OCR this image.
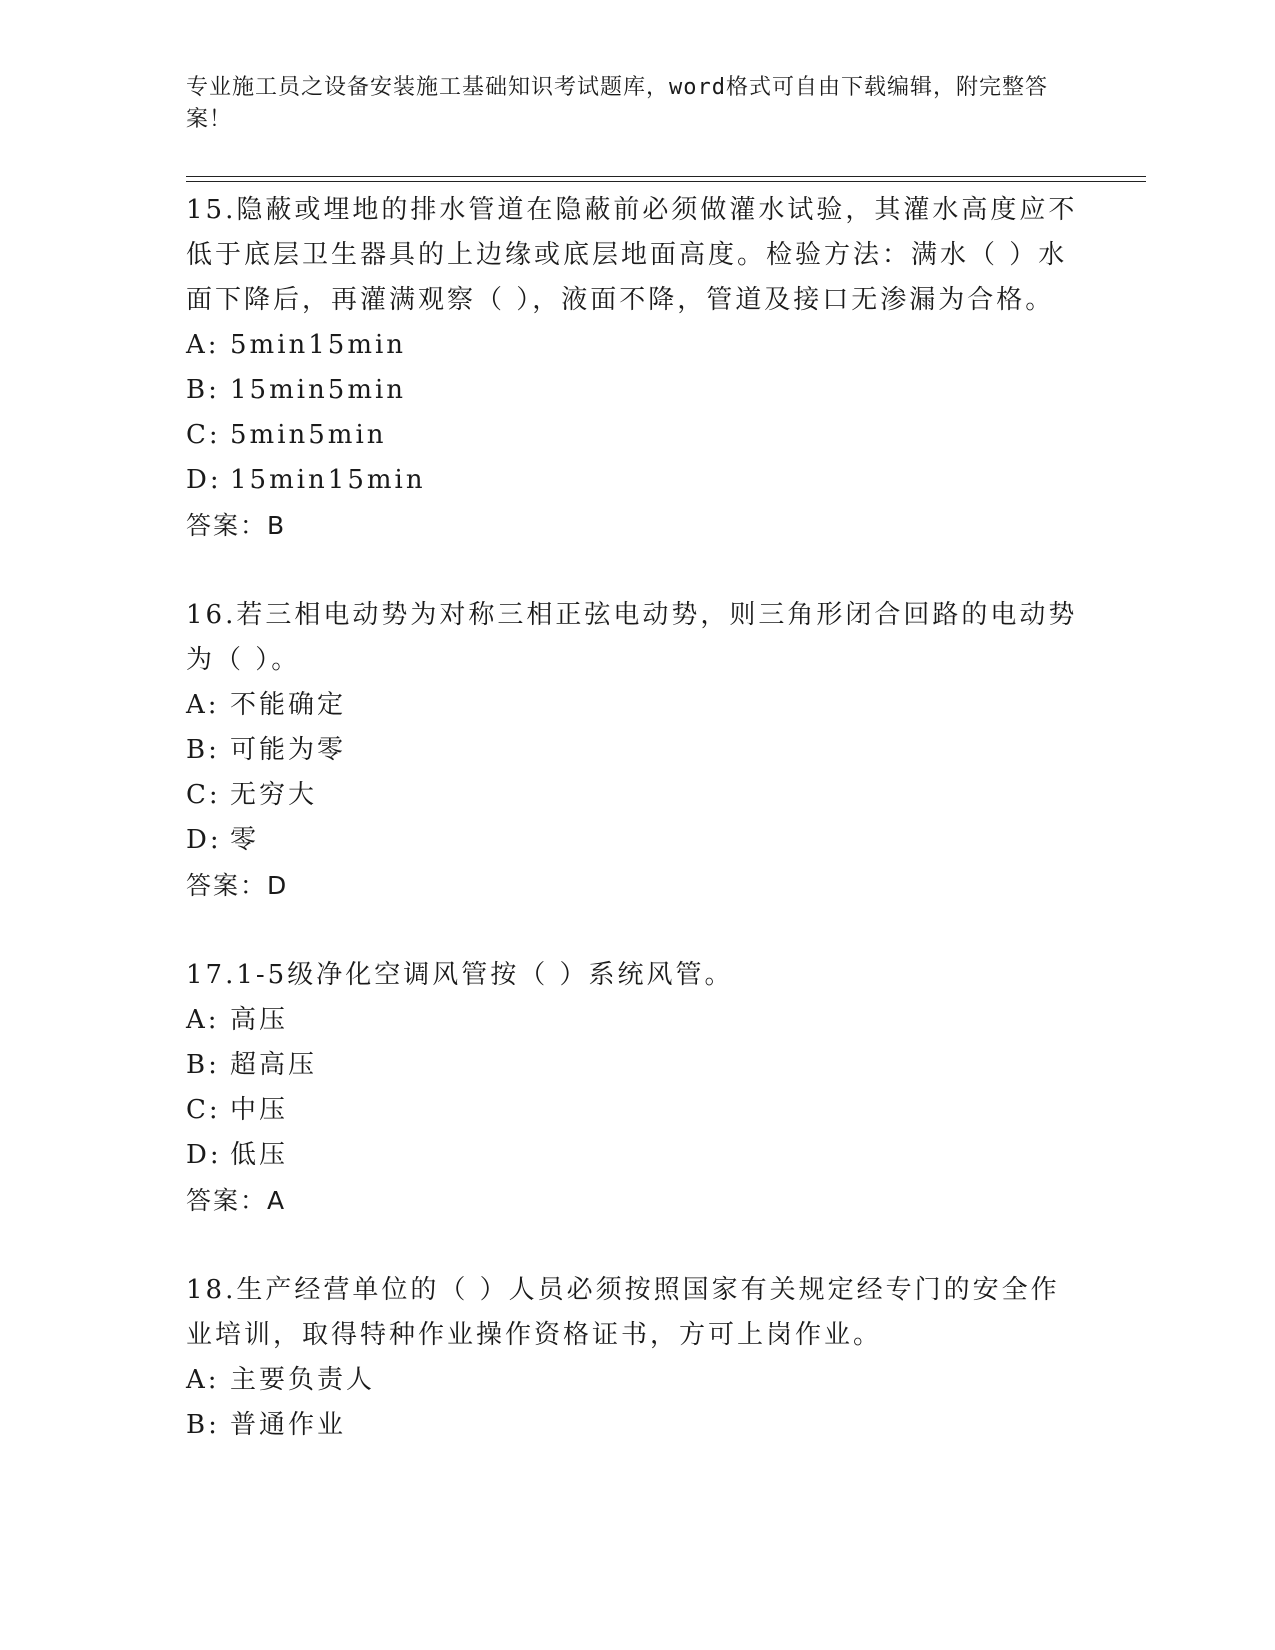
专业施工员之设备安装施工基础知识考试题库，word格式可自由下载编辑，附完整答案！

15.隐蔽或埋地的排水管道在隐蔽前必须做灌水试验，其灌水高度应不低于底层卫生器具的上边缘或底层地面高度。检验方法：满水（ ）水面下降后，再灌满观察（ ），液面不降，管道及接口无渗漏为合格。

A: 5min15min

B: 15min5min

C: 5min5min

D: 15min15min

答案：B

16.若三相电动势为对称三相正弦电动势，则三角形闭合回路的电动势为（ ）。

A: 不能确定

B: 可能为零

C: 无穷大

D: 零

答案：D

17.1-5级净化空调风管按（ ）系统风管。

A: 高压

B: 超高压

C: 中压

D: 低压

答案：A

18.生产经营单位的（ ）人员必须按照国家有关规定经专门的安全作业培训，取得特种作业操作资格证书，方可上岗作业。

A: 主要负责人

B: 普通作业
